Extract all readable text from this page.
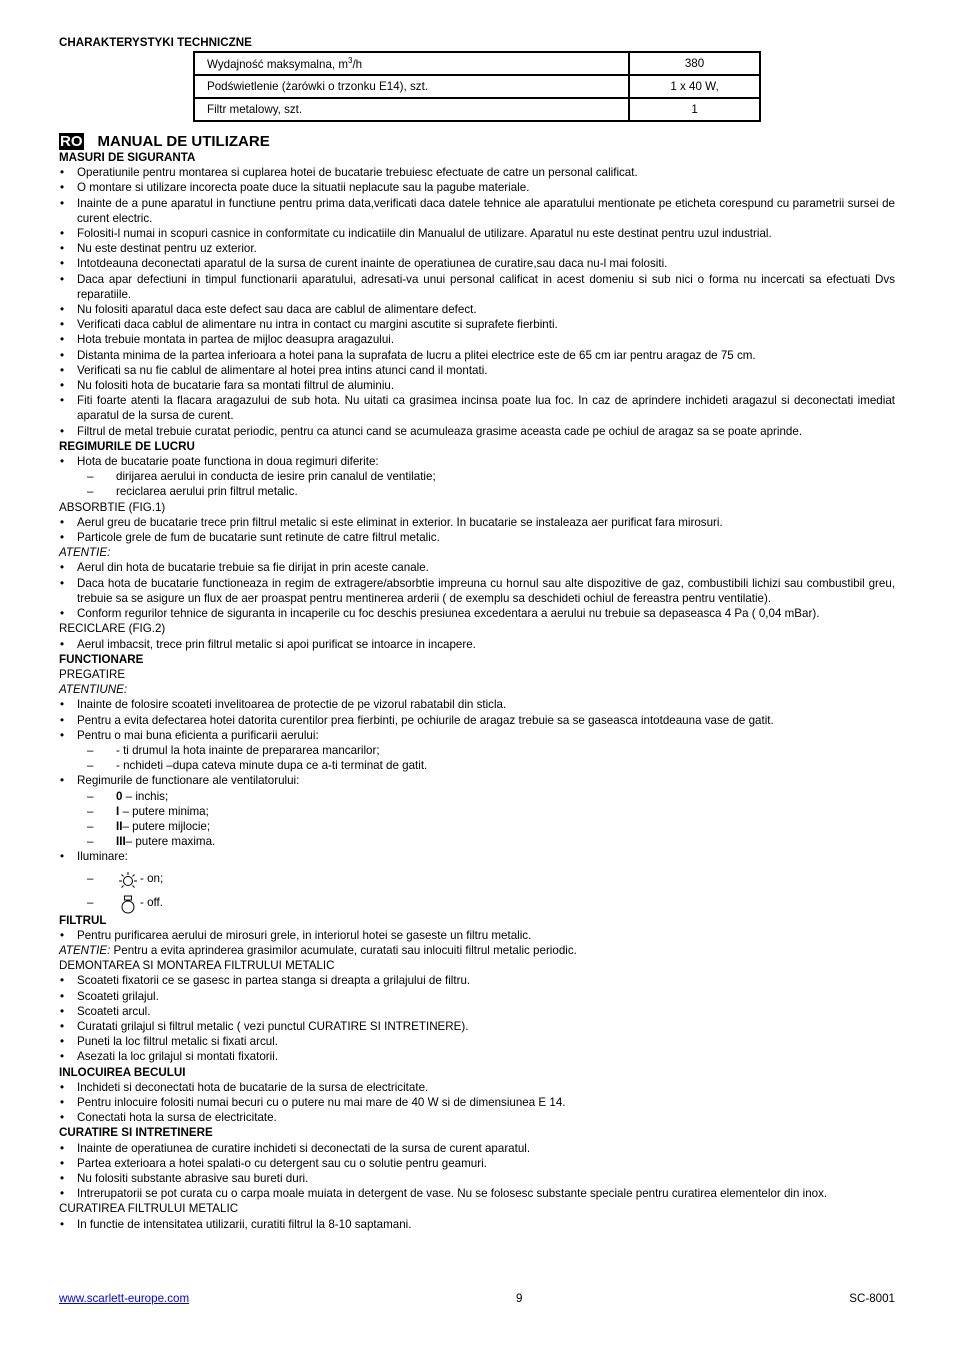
CHARAKTERYSTYKI TECHNICZNE
Wydajność maksymalna, $m^3/h$	380
Podświetlenie (żarówki o trzonku E14), szt.	1 x 40 W,
Filtr metalowy, szt.	1
RO MANUAL DE UTILIZARE
MASURI DE SIGURANTA
• Operatiunile pentru montarea si cuplarea hotei de bucatarie trebuiesc efectuate de catre un personal calificat.
• O montare si utilizare incorecta poate duce la situatii neplacute sau la pagube materiale.
• Inainte de a pune aparatul in functiune pentru prima data,verificati daca datele tehnice ale aparatului mentionate pe eticheta corespund cu parametrii sursei de curent electric.
• Folositi-l numai in scopuri casnice in conformitate cu indicatiile din Manualul de utilizare. Aparatul nu este destinat pentru uzul industrial.
• Nu este destinat pentru uz exterior.
• Intotdeauna deconectati aparatul de la sursa de curent inainte de operatiunea de curatire,sau daca nu-l mai folositi.
• Daca apar defectiuni in timpul functionarii aparatului, adresati-va unui personal calificat in acest domeniu si sub nici o forma nu incercati sa efectuati Dvs reparatiile.
• Nu folositi aparatul daca este defect sau daca are cablul de alimentare defect.
• Verificati daca cablul de alimentare nu intra in contact cu margini ascutite si suprafete fierbinti.
• Hota trebuie montata in partea de mijloc deasupra aragazului.
• Distanta minima de la partea inferioara a hotei pana la suprafata de lucru a plitei electrice este de 65 cm iar pentru aragaz de 75 cm.
• Verificati sa nu fie cablul de alimentare al hotei prea intins atunci cand il montati.
• Nu folositi hota de bucatarie fara sa montati filtrul de aluminiu.
• Fiti foarte atenti la flacara aragazului de sub hota. Nu uitati ca grasimea incinsa poate lua foc. In caz de aprindere inchideti aragazul si deconectati imediat aparatul de la sursa de curent.
• Filtrul de metal trebuie curatat periodic, pentru ca atunci cand se acumuleaza grasime aceasta cade pe ochiul de aragaz sa se poate aprinde.
REGIMURILE DE LUCRU
• Hota de bucatarie poate functiona in doua regimuri diferite:
– dirijarea aerului in conducta de iesire prin canalul de ventilatie;
– reciclarea aerului prin filtrul metalic.
ABSORBTIE (FIG.1)
• Aerul greu de bucatarie trece prin filtrul metalic si este eliminat in exterior. In bucatarie se instaleaza aer purificat fara mirosuri.
• Particole grele de fum de bucatarie sunt retinute de catre filtrul metalic.
ATENTIE:
• Aerul din hota de bucatarie trebuie sa fie dirijat in prin aceste canale.
• Daca hota de bucatarie functioneaza in regim de extragere/absorbtie impreuna cu hornul sau alte dispozitive de gaz, combustibili lichizi sau combustibil greu, trebuie sa se asigure un flux de aer proaspat pentru mentinerea arderii ( de exemplu sa deschideti ochiul de fereastra pentru ventilatie).
• Conform regurilor tehnice de siguranta in incaperile cu foc deschis presiunea excedentara a aerului nu trebuie sa depaseasca 4 Pa ( 0,04 mBar).
RECICLARE (FIG.2)
• Aerul imbacsit, trece prin filtrul metalic si apoi purificat se intoarce in incapere.
FUNCTIONARE
PREGATIRE
ATENTIUNE:
• Inainte de folosire scoateti invelitoarea de protectie de pe vizorul rabatabil din sticla.
• Pentru a evita defectarea hotei datorita curentilor prea fierbinti, pe ochiurile de aragaz trebuie sa se gaseasca intotdeauna vase de gatit.
• Pentru o mai buna eficienta a purificarii aerului:
– - ti drumul la hota inainte de prepararea mancarilor;
– - nchideti –dupa cateva minute dupa ce a-ti terminat de gatit.
• Regimurile de functionare ale ventilatorului:
– 0 – inchis;
– I – putere minima;
– II– putere mijlocie;
– III– putere maxima.
• Iluminare:
– - on;
– - off.
FILTRUL
• Pentru purificarea aerului de mirosuri grele, in interiorul hotei se gaseste un filtru metalic.
ATENTIE: Pentru a evita aprinderea grasimilor acumulate, curatati sau inlocuiti filtrul metalic periodic.
DEMONTAREA SI MONTAREA FILTRULUI METALIC
• Scoateti fixatorii ce se gasesc in partea stanga si dreapta a grilajului de filtru.
• Scoateti grilajul.
• Scoateti arcul.
• Curatati grilajul si filtrul metalic ( vezi punctul CURATIRE SI INTRETINERE).
• Puneti la loc filtrul metalic si fixati arcul.
• Asezati la loc grilajul si montati fixatorii.
INLOCUIREA BECULUI
• Inchideti si deconectati hota de bucatarie de la sursa de electricitate.
• Pentru inlocuire folositi numai becuri cu o putere nu mai mare de 40 W si de dimensiunea E 14.
• Conectati hota la sursa de electricitate.
CURATIRE SI INTRETINERE
• Inainte de operatiunea de curatire inchideti si deconectati de la sursa de curent aparatul.
• Partea exterioara a hotei spalati-o cu detergent sau cu o solutie pentru geamuri.
• Nu folositi substante abrasive sau bureti duri.
• Intrerupatorii se pot curata cu o carpa moale muiata in detergent de vase. Nu se folosesc substante speciale pentru curatirea elementelor din inox.
CURATIREA FILTRULUI METALIC
• In functie de intensitatea utilizarii, curatiti filtrul la 8-10 saptamani.
www.scarlett-europe.com	9	SC-8001
